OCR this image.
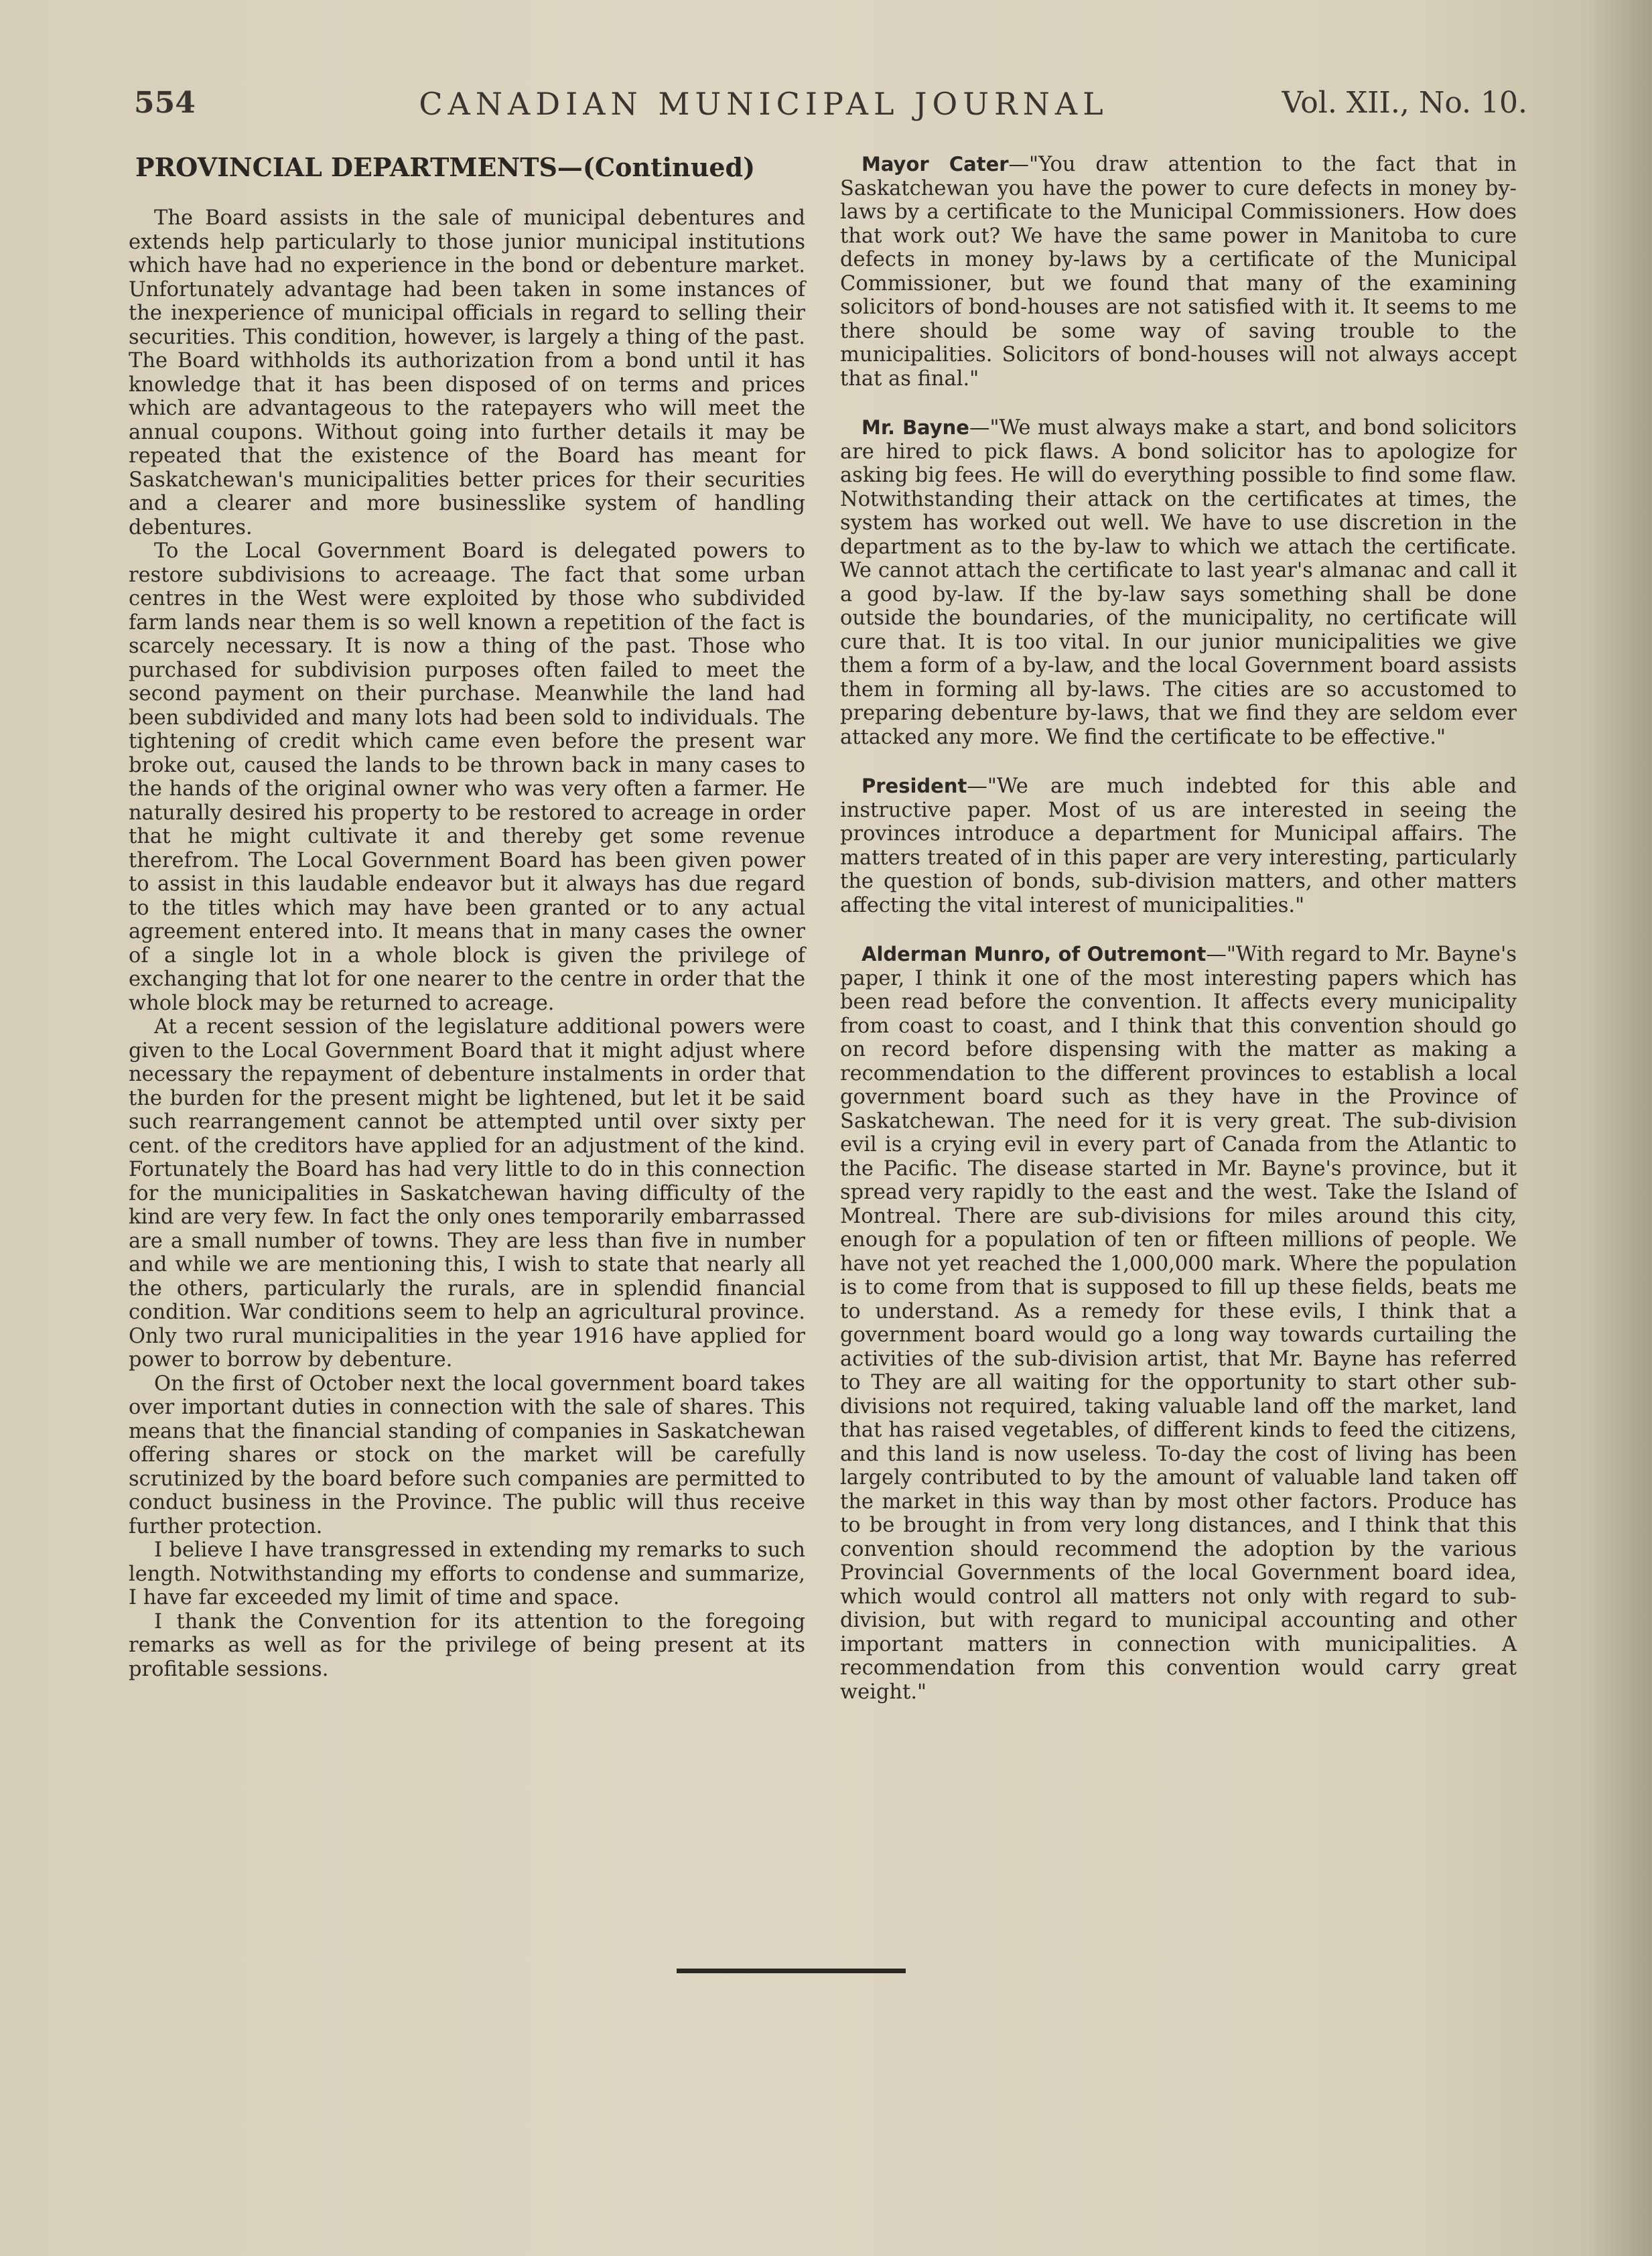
554	CANADIAN MUNICIPAL JOURNAL	Vol. XII., No. 10.
PROVINCIAL DEPARTMENTS—(Continued)

The Board assists in the sale of municipal debentures and extends help particularly to those junior municipal institutions which have had no experience in the bond or debenture market. Unfortunately advantage had been taken in some instances of the inexperience of municipal officials in regard to selling their securities. This condition, however, is largely a thing of the past. The Board withholds its authorization from a bond until it has knowledge that it has been disposed of on terms and prices which are advantageous to the ratepayers who will meet the annual coupons. Without going into further details it may be repeated that the existence of the Board has meant for Saskatchewan's municipalities better prices for their securities and a clearer and more businesslike system of handling debentures.

To the Local Government Board is delegated powers to restore subdivisions to acreaage. The fact that some urban centres in the West were exploited by those who subdivided farm lands near them is so well known a repetition of the fact is scarcely necessary. It is now a thing of the past. Those who purchased for subdivision purposes often failed to meet the second payment on their purchase. Meanwhile the land had been subdivided and many lots had been sold to individuals. The tightening of credit which came even before the present war broke out, caused the lands to be thrown back in many cases to the hands of the original owner who was very often a farmer. He naturally desired his property to be restored to acreage in order that he might cultivate it and thereby get some revenue therefrom. The Local Government Board has been given power to assist in this laudable endeavor but it always has due regard to the titles which may have been granted or to any actual agreement entered into. It means that in many cases the owner of a single lot in a whole block is given the privilege of exchanging that lot for one nearer to the centre in order that the whole block may be returned to acreage.

At a recent session of the legislature additional powers were given to the Local Government Board that it might adjust where necessary the repayment of debenture instalments in order that the burden for the present might be lightened, but let it be said such rearrangement cannot be attempted until over sixty per cent. of the creditors have applied for an adjustment of the kind. Fortunately the Board has had very little to do in this connection for the municipalities in Saskatchewan having difficulty of the kind are very few. In fact the only ones temporarily embarrassed are a small number of towns. They are less than five in number and while we are mentioning this, I wish to state that nearly all the others, particularly the rurals, are in splendid financial condition. War conditions seem to help an agricultural province. Only two rural municipalities in the year 1916 have applied for power to borrow by debenture.

On the first of October next the local government board takes over important duties in connection with the sale of shares. This means that the financial standing of companies in Saskatchewan offering shares or stock on the market will be carefully scrutinized by the board before such companies are permitted to conduct business in the Province. The public will thus receive further protection.

I believe I have transgressed in extending my remarks to such length. Notwithstanding my efforts to condense and summarize, I have far exceeded my limit of time and space.

I thank the Convention for its attention to the foregoing remarks as well as for the privilege of being present at its profitable sessions.

Mayor Cater—"You draw attention to the fact that in Saskatchewan you have the power to cure defects in money by-laws by a certificate to the Municipal Commissioners. How does that work out? We have the same power in Manitoba to cure defects in money by-laws by a certificate of the Municipal Commissioner, but we found that many of the examining solicitors of bond-houses are not satisfied with it. It seems to me there should be some way of saving trouble to the municipalities. Solicitors of bond-houses will not always accept that as final."

Mr. Bayne—"We must always make a start, and bond solicitors are hired to pick flaws. A bond solicitor has to apologize for asking big fees. He will do everything possible to find some flaw. Notwithstanding their attack on the certificates at times, the system has worked out well. We have to use discretion in the department as to the by-law to which we attach the certificate. We cannot attach the certificate to last year's almanac and call it a good by-law. If the by-law says something shall be done outside the boundaries, of the municipality, no certificate will cure that. It is too vital. In our junior municipalities we give them a form of a by-law, and the local Government board assists them in forming all by-laws. The cities are so accustomed to preparing debenture by-laws, that we find they are seldom ever attacked any more. We find the certificate to be effective."

President—"We are much indebted for this able and instructive paper. Most of us are interested in seeing the provinces introduce a department for Municipal affairs. The matters treated of in this paper are very interesting, particularly the question of bonds, sub-division matters, and other matters affecting the vital interest of municipalities."

Alderman Munro, of Outremont—"With regard to Mr. Bayne's paper, I think it one of the most interesting papers which has been read before the convention. It affects every municipality from coast to coast, and I think that this convention should go on record before dispensing with the matter as making a recommendation to the different provinces to establish a local government board such as they have in the Province of Saskatchewan. The need for it is very great. The sub-division evil is a crying evil in every part of Canada from the Atlantic to the Pacific. The disease started in Mr. Bayne's province, but it spread very rapidly to the east and the west. Take the Island of Montreal. There are sub-divisions for miles around this city, enough for a population of ten or fifteen millions of people. We have not yet reached the 1,000,000 mark. Where the population is to come from that is supposed to fill up these fields, beats me to understand. As a remedy for these evils, I think that a government board would go a long way towards curtailing the activities of the sub-division artist, that Mr. Bayne has referred to They are all waiting for the opportunity to start other sub-divisions not required, taking valuable land off the market, land that has raised vegetables, of different kinds to feed the citizens, and this land is now useless. To-day the cost of living has been largely contributed to by the amount of valuable land taken off the market in this way than by most other factors. Produce has to be brought in from very long distances, and I think that this convention should recommend the adoption by the various Provincial Governments of the local Government board idea, which would control all matters not only with regard to sub-division, but with regard to municipal accounting and other important matters in connection with municipalities. A recommendation from this convention would carry great weight."
